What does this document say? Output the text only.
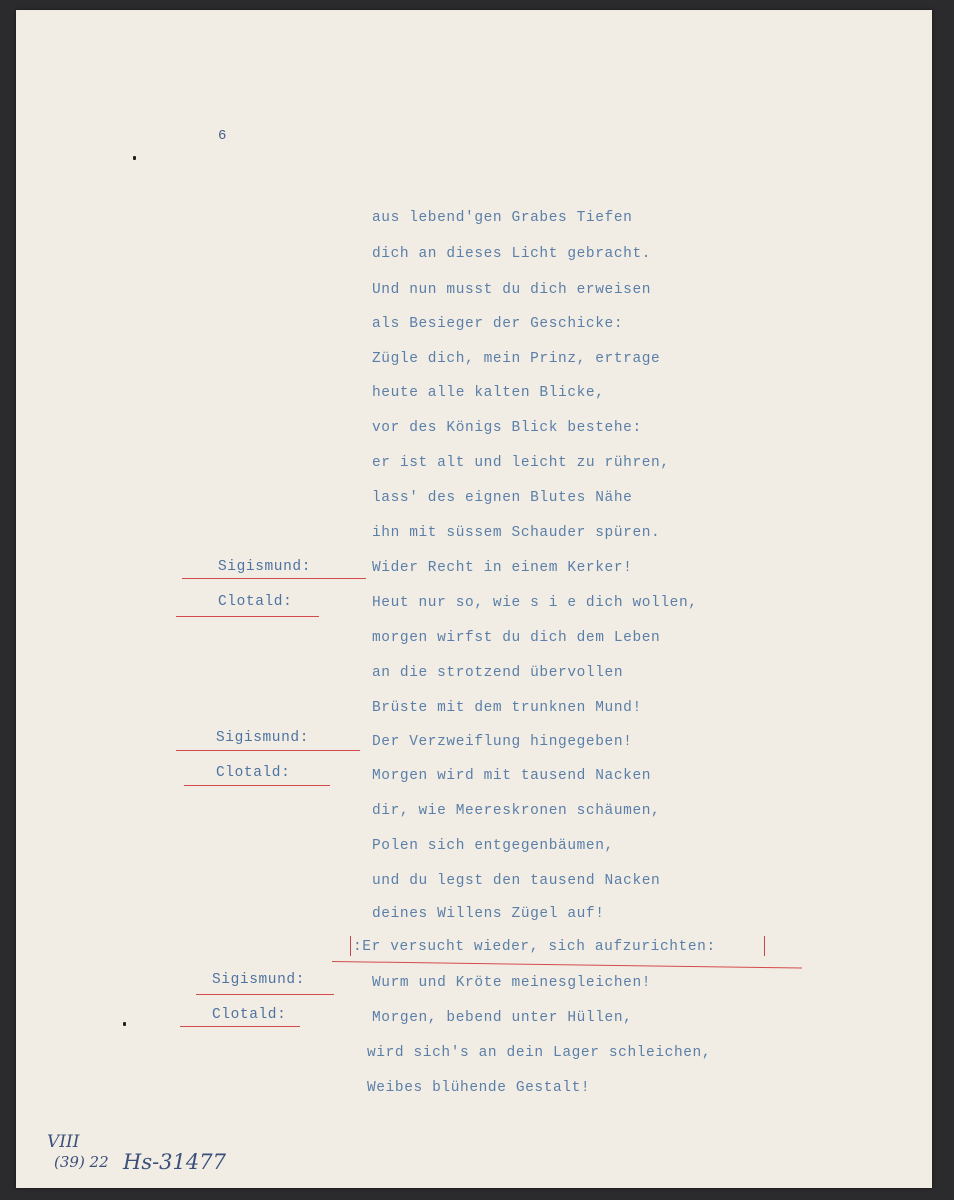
6
aus lebend'gen Grabes Tiefen
dich an dieses Licht gebracht.
Und nun musst du dich erweisen
als Besieger der Geschicke:
Zügle dich, mein Prinz, ertrage
heute alle kalten Blicke,
vor des Königs Blick bestehe:
er ist alt und leicht zu rühren,
lass' des eignen Blutes Nähe
ihn mit süssem Schauder spüren.
Sigismund:	Wider Recht in einem Kerker!
Clotald:	Heut nur so, wie s i e dich wollen,
morgen wirfst du dich dem Leben
an die strotzend übervollen
Brüste mit dem trunknen Mund!
Sigismund:	Der Verzweiflung hingegeben!
Clotald:	Morgen wird mit tausend Nacken
dir, wie Meereskronen schäumen,
Polen sich entgegenbäumen,
und du legst den tausend Nacken
deines Willens Zügel auf!
:Er versucht wieder, sich aufzurichten:
Sigismund:	Wurm und Kröte meinesgleichen!
Clotald:	Morgen, bebend unter Hüllen,
wird sich's an dein Lager schleichen,
Weibes blühende Gestalt!
VIII
(39) 22 Hs-31477
